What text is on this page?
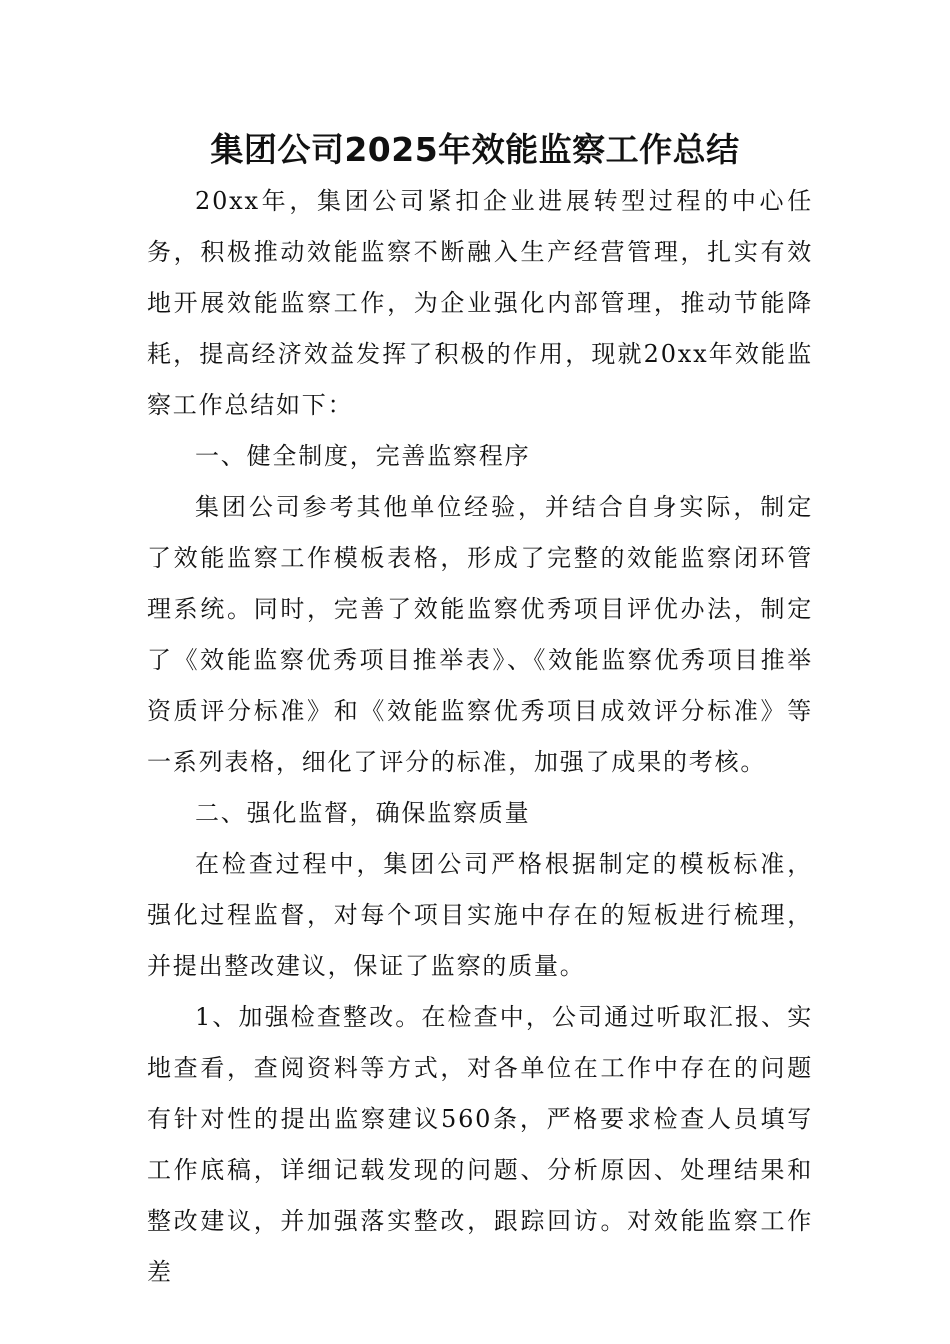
集团公司2025年效能监察工作总结

20xx年，集团公司紧扣企业进展转型过程的中心任务，积极推动效能监察不断融入生产经营管理，扎实有效地开展效能监察工作，为企业强化内部管理，推动节能降耗，提高经济效益发挥了积极的作用，现就20xx年效能监察工作总结如下：

一、健全制度，完善监察程序

集团公司参考其他单位经验，并结合自身实际，制定了效能监察工作模板表格，形成了完整的效能监察闭环管理系统。同时，完善了效能监察优秀项目评优办法，制定了《效能监察优秀项目推举表》、《效能监察优秀项目推举资质评分标准》和《效能监察优秀项目成效评分标准》等一系列表格，细化了评分的标准，加强了成果的考核。

二、强化监督，确保监察质量

在检查过程中，集团公司严格根据制定的模板标准，强化过程监督，对每个项目实施中存在的短板进行梳理，并提出整改建议，保证了监察的质量。

1、加强检查整改。在检查中，公司通过听取汇报、实地查看，查阅资料等方式，对各单位在工作中存在的问题有针对性的提出监察建议560条，严格要求检查人员填写工作底稿，详细记载发现的问题、分析原因、处理结果和整改建议，并加强落实整改，跟踪回访。对效能监察工作差
